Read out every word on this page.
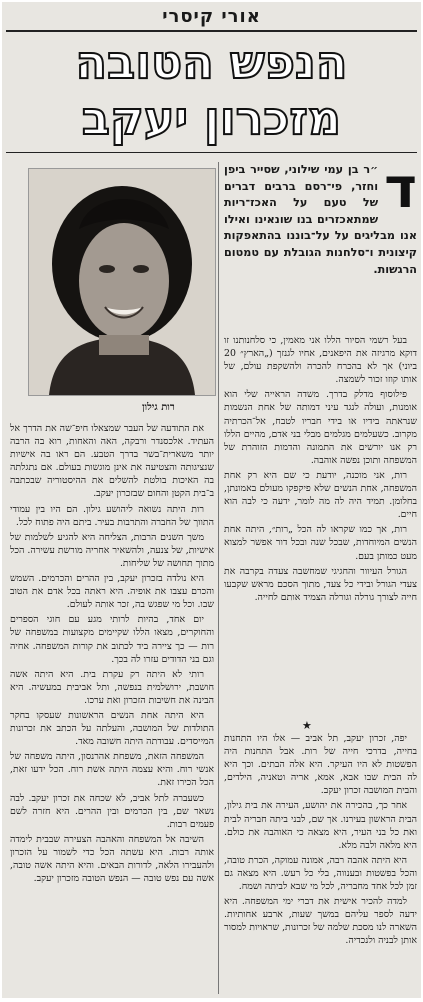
אורי קיסרי
הנפש הטובה
מזכרון יעקב
רות גילון
ד
״ר בן עמי שילוני, שסייר ביפן וחזר, פי־רסם ברבים דברים של טעם על האכז־ריות שמתאכזרים בנו שונאינו ואילו אנו מבליגים על על־בוננו בהתאפקות קיצונית ו־סלחנות הגובלת עם טמטום הרגשות.

בעל רשמי הסיור הללו אני מאמין, כי סלחנותנו זו דוקא מרגיזה את היפאנים, אחיו לגנזך („הארץ״ 20 ביוני) אך לא בהכרח להכרה ולהשקפת עולם, של אותו קוזו זכור לשמצה.

פילוסוף מדלק בדרך. משדה הראייה שלי הוא אומנות, ועולה לנגד עיני דמותה של אחת הנשמות שנראתה בידיו או בידי חבריו לטבח, אל־הכרתיה מקרוב. כשעלמים מגלמים מבלי בני אדם, מהיים הללו רק אנו יורשים את התמונה והדמות הזוהרת של המשפחה ותוכן נפשה אוהבה.

רות, אני מוכנה, יודעת כי שם היא רק אחת המשפחה, אחת הנשים שלא פיקפקו מעולם באמונתן, בחלומן. תמיד היה לה מה לומר, ידעה כי לבה הוא חיים.

רות, אך כמו שקראו לה הכל „רות״, היתה אחת הנשים המיוחדות, שבכל שנה ובכל דור אפשר למצוא מעט כמותן בעם.

הגורל העיוור והחגיגי שמחשבה צעדה בקרבה את צעדי הגורל ובידי כל צעד, מתוך הסכם מראש שקבעו חייה לצורך גורלה וגורלה הצמיד אותם לחייה.

★

יפה, זכרון יעקב, תל אביב — אלו היו התחנות בחייה, בדרכי חייה של רות. אבל התחנות היה הפשטות לא היו העיקר. היא אלה הבתים. וכך היא לה הבית שבו אבא, אמא, אריה וטאניה, הילדים, והבית המושבה זכרון יעקב.

אחר כך, בהכירה את יהושע, העירה את בית גילון, הבית הראשון בעירנו. אך שם, לבני ביתה חבריה לבית ואת כל בני העיר, היא מצאה כי האוהבה את כולם. היא מלאה ולבה מלא.

היא היתה אהבה רבה, אמונה עמוקה, הכרת טובה, והכל בפשטות ובענווה, בלי כל רעש. היא מצאה גם זמן לכל אחד מחבריה, לכל מי שבא לביתה ושמח.

למדה להכיר אישית את דברי ימי המשפחה. היא ידעה לספר עליהם במשך שעות, ארבע אחותיות. השארה לנו מסכת שלמה של זכרונות, שראויות למסור אותן לבניה ולנכדיה.

את התודעה של העבר שמצאלו חיפ־שה את הדרך אל העתיד. אלכסנדר ורבקה, האה והאחות, רוא בה הרבה יותר משארית־בשר בדרך הטבע. הם ראו בה אישיות שנציגותה והצטיעה את אינן מוגשות בעולם. אם נתגלתה בה האיכות בולטת להשלים את ההיסטוריה שבכתבה ב־בית הקטן והחום שבזכרון יעקב.

רות היתה נשואה ליהושע גילון. הם היו בין עמודי התווך של החברה והתרבות בעיר. ביתם היה פתוח לכל.

משך השנים הרבות, הצליחה היא להגיע לשלמות של אישיות, של צנעה, ולהשאיר אחריה מורשת עשירה. הכל מתוך תחושה של שליחות.

היא נולדה בזכרון יעקב, בין ההרים והכרמים. השמש והכרם עצבו את אופיה. היא ראתה בכל אדם את הטוב שבו. וכל מי שפגש בה, זכר אותה לעולם.

יום אחד, בהיות לרותי מגע עם חוגי הספרים והחוקרים, מצאו הללו שקיימים מקצועות במשפחה של רות — כך ציירה ביד לכתוב את קורות המשפחה. אחיה וגם בני הדודים עזרו לה בכך.

רותי לא היתה רק עקרת בית. היא היתה אשה חושבת, ירושלמית בנפשה, ותל אביבית במעשיה. היא הבינה את חשיבות הזכרון ואת ערכו.

היא היתה אחת הנשים הראשונות שעסקו בחקר התולדות של המושבה, והעלתה על הכתב את זכרונות המייסדים. עבודתה היתה חשובה מאד.

המשפחה הזאת, משפחת אהרנסון, היתה משפחה של אנשי רוח. והיא עצמה היתה אשת רוח. הכל ידעו זאת, הכל הכירו זאת.

כשעברה לתל אביב, לא שכחה את זכרון יעקב. לבה נשאר שם, בין הכרמים ובין ההרים. היא חזרה לשם פעמים רבות.

השיבה אל המשפחה והאהבה הצעירה שבבית לימדה אותה רבות. היא עשתה הכל כדי לשמור על הזכרון ולהעבירו הלאה, לדורות הבאים. והיא היתה אשה טובה, אשה עם נפש טובה — הנפש הטובה מזכרון יעקב.
